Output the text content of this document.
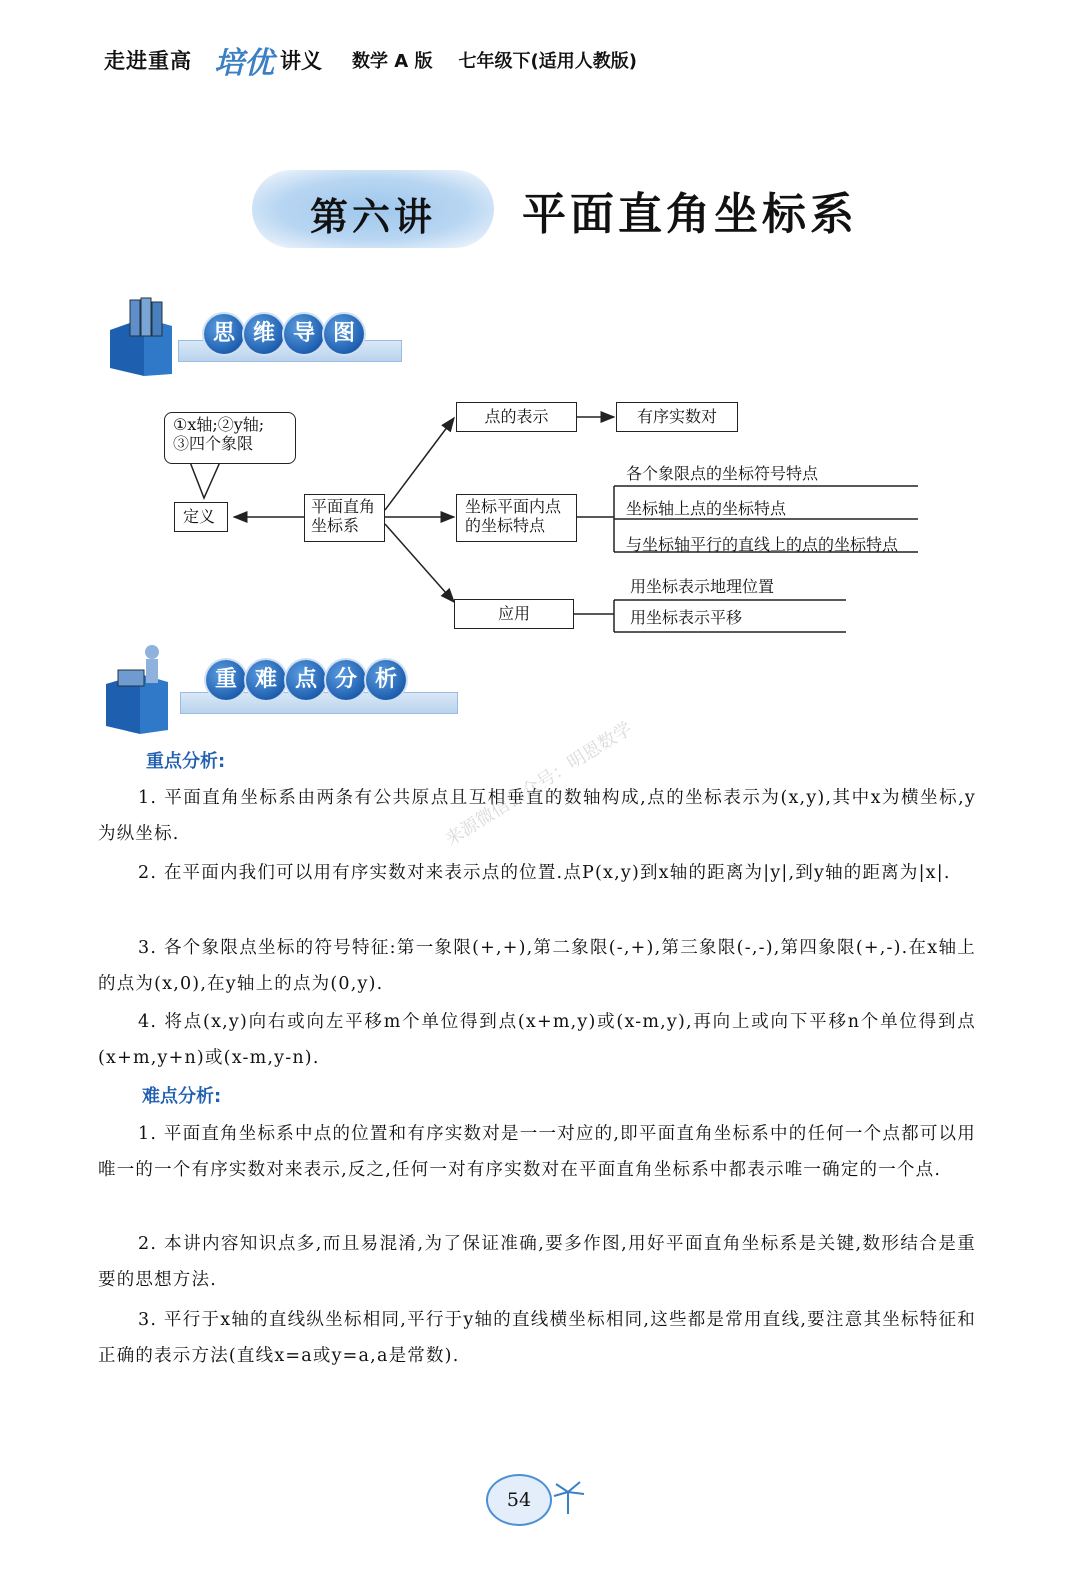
走进重高 培优 讲义 数学 A 版 七年级下(适用人教版)
第六讲	平面直角坐标系
思 维 导 图
①x轴;②y轴;
③四个象限
定义
平面直角
坐标系
点的表示	有序实数对
坐标平面内点
的坐标特点
各个象限点的坐标符号特点
坐标轴上点的坐标特点
与坐标轴平行的直线上的点的坐标特点
应用
用坐标表示地理位置
用坐标表示平移
重 难 点 分 析
重点分析:
1. 平面直角坐标系由两条有公共原点且互相垂直的数轴构成,点的坐标表示为(x,y),其中x为横坐标,y为纵坐标.
2. 在平面内我们可以用有序实数对来表示点的位置.点P(x,y)到x轴的距离为|y|,到y轴的距离为|x|.
3. 各个象限点坐标的符号特征:第一象限(+,+),第二象限(-,+),第三象限(-,-),第四象限(+,-).在x轴上的点为(x,0),在y轴上的点为(0,y).
4. 将点(x,y)向右或向左平移m个单位得到点(x+m,y)或(x-m,y),再向上或向下平移n个单位得到点(x+m,y+n)或(x-m,y-n).
难点分析:
1. 平面直角坐标系中点的位置和有序实数对是一一对应的,即平面直角坐标系中的任何一个点都可以用唯一的一个有序实数对来表示,反之,任何一对有序实数对在平面直角坐标系中都表示唯一确定的一个点.
2. 本讲内容知识点多,而且易混淆,为了保证准确,要多作图,用好平面直角坐标系是关键,数形结合是重要的思想方法.
3. 平行于x轴的直线纵坐标相同,平行于y轴的直线横坐标相同,这些都是常用直线,要注意其坐标特征和正确的表示方法(直线x=a或y=a,a是常数).
来源微信公众号：明恩数学
54
